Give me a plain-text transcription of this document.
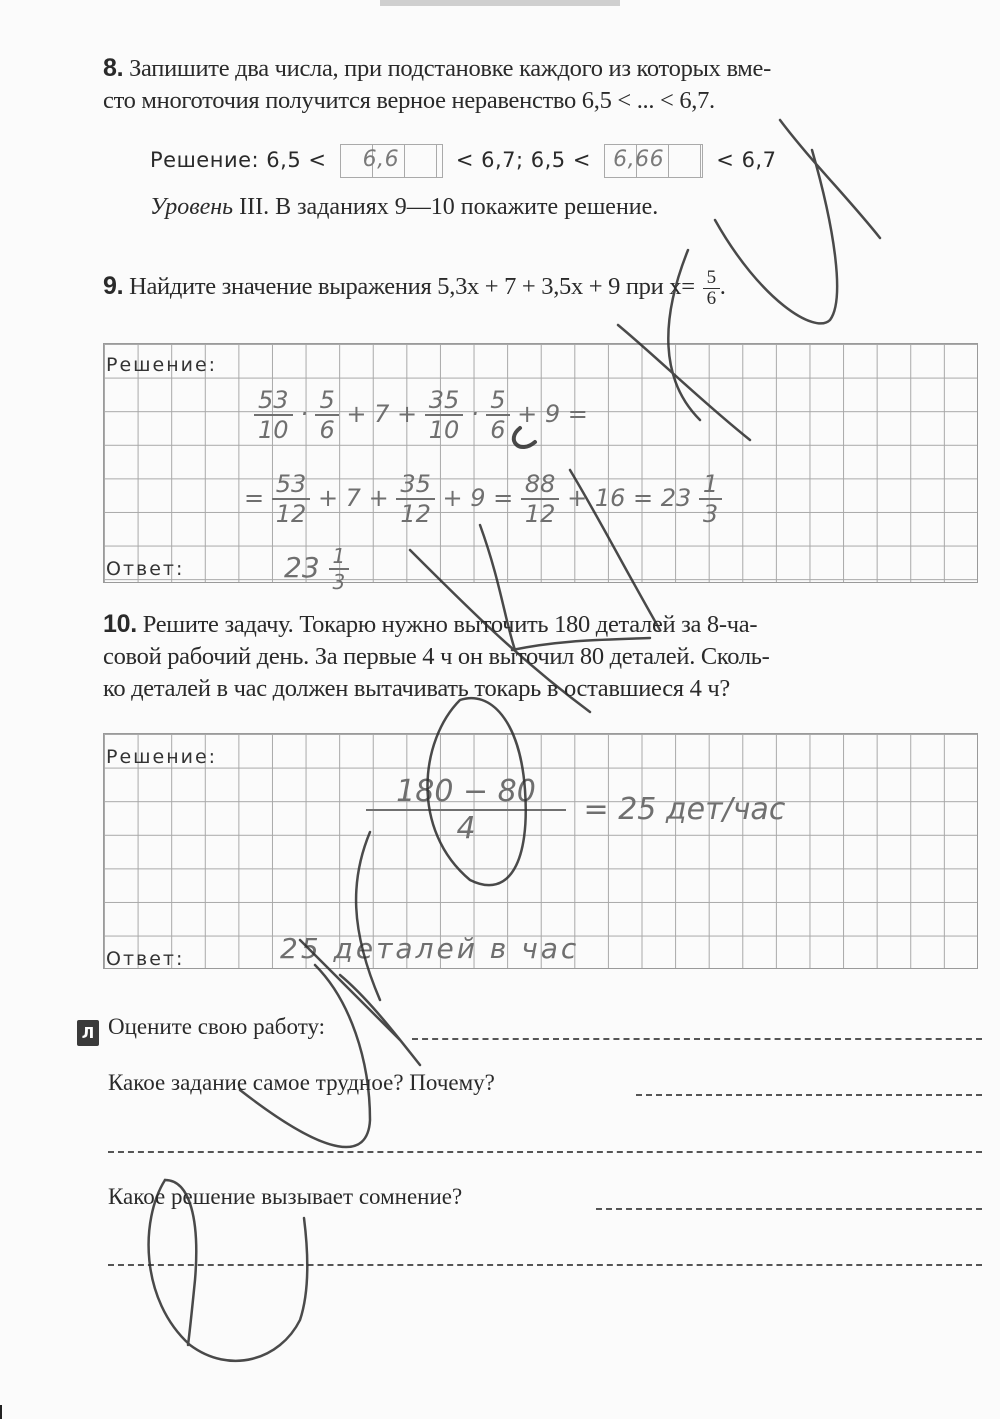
8. Запишите два числа, при подстановке каждого из которых вме-
сто многоточия получится верное неравенство 6,5 < ... < 6,7.
Решение: 6,5 < 6,6	< 6,7; 6,5 < 6,66 < 6,7
Уровень III. В заданиях 9—10 покажите решение.
9. Найдите значение выражения 5,3x + 7 + 3,5x + 9 при $x= \frac{5}{6}$ .
Решение:
Ответ:
$\frac{53}{10} \cdot \frac{5}{6} + 7 + \frac{35}{10} \cdot \frac{5}{6} + 9$ =
= $\frac{53}{12} + 7 + \frac{35}{12} + 9 = \frac{88}{12} + 16 = 23 \frac{1}{3}$
$23 \frac{1}{3}$
10. Решите задачу. Токарю нужно выточить 180 деталей за 8-ча-
совой рабочий день. За первые 4 ч он выточил 80 деталей. Сколь-
ко деталей в час должен вытачивать токарь в оставшиеся 4 ч?
Решение:
Ответ:
$\frac{180 - 80}{4} = 25$ дет/час
25 деталей в час
Л Оцените свою работу:
Какое задание самое трудное? Почему?
Какое решение вызывает сомнение?
